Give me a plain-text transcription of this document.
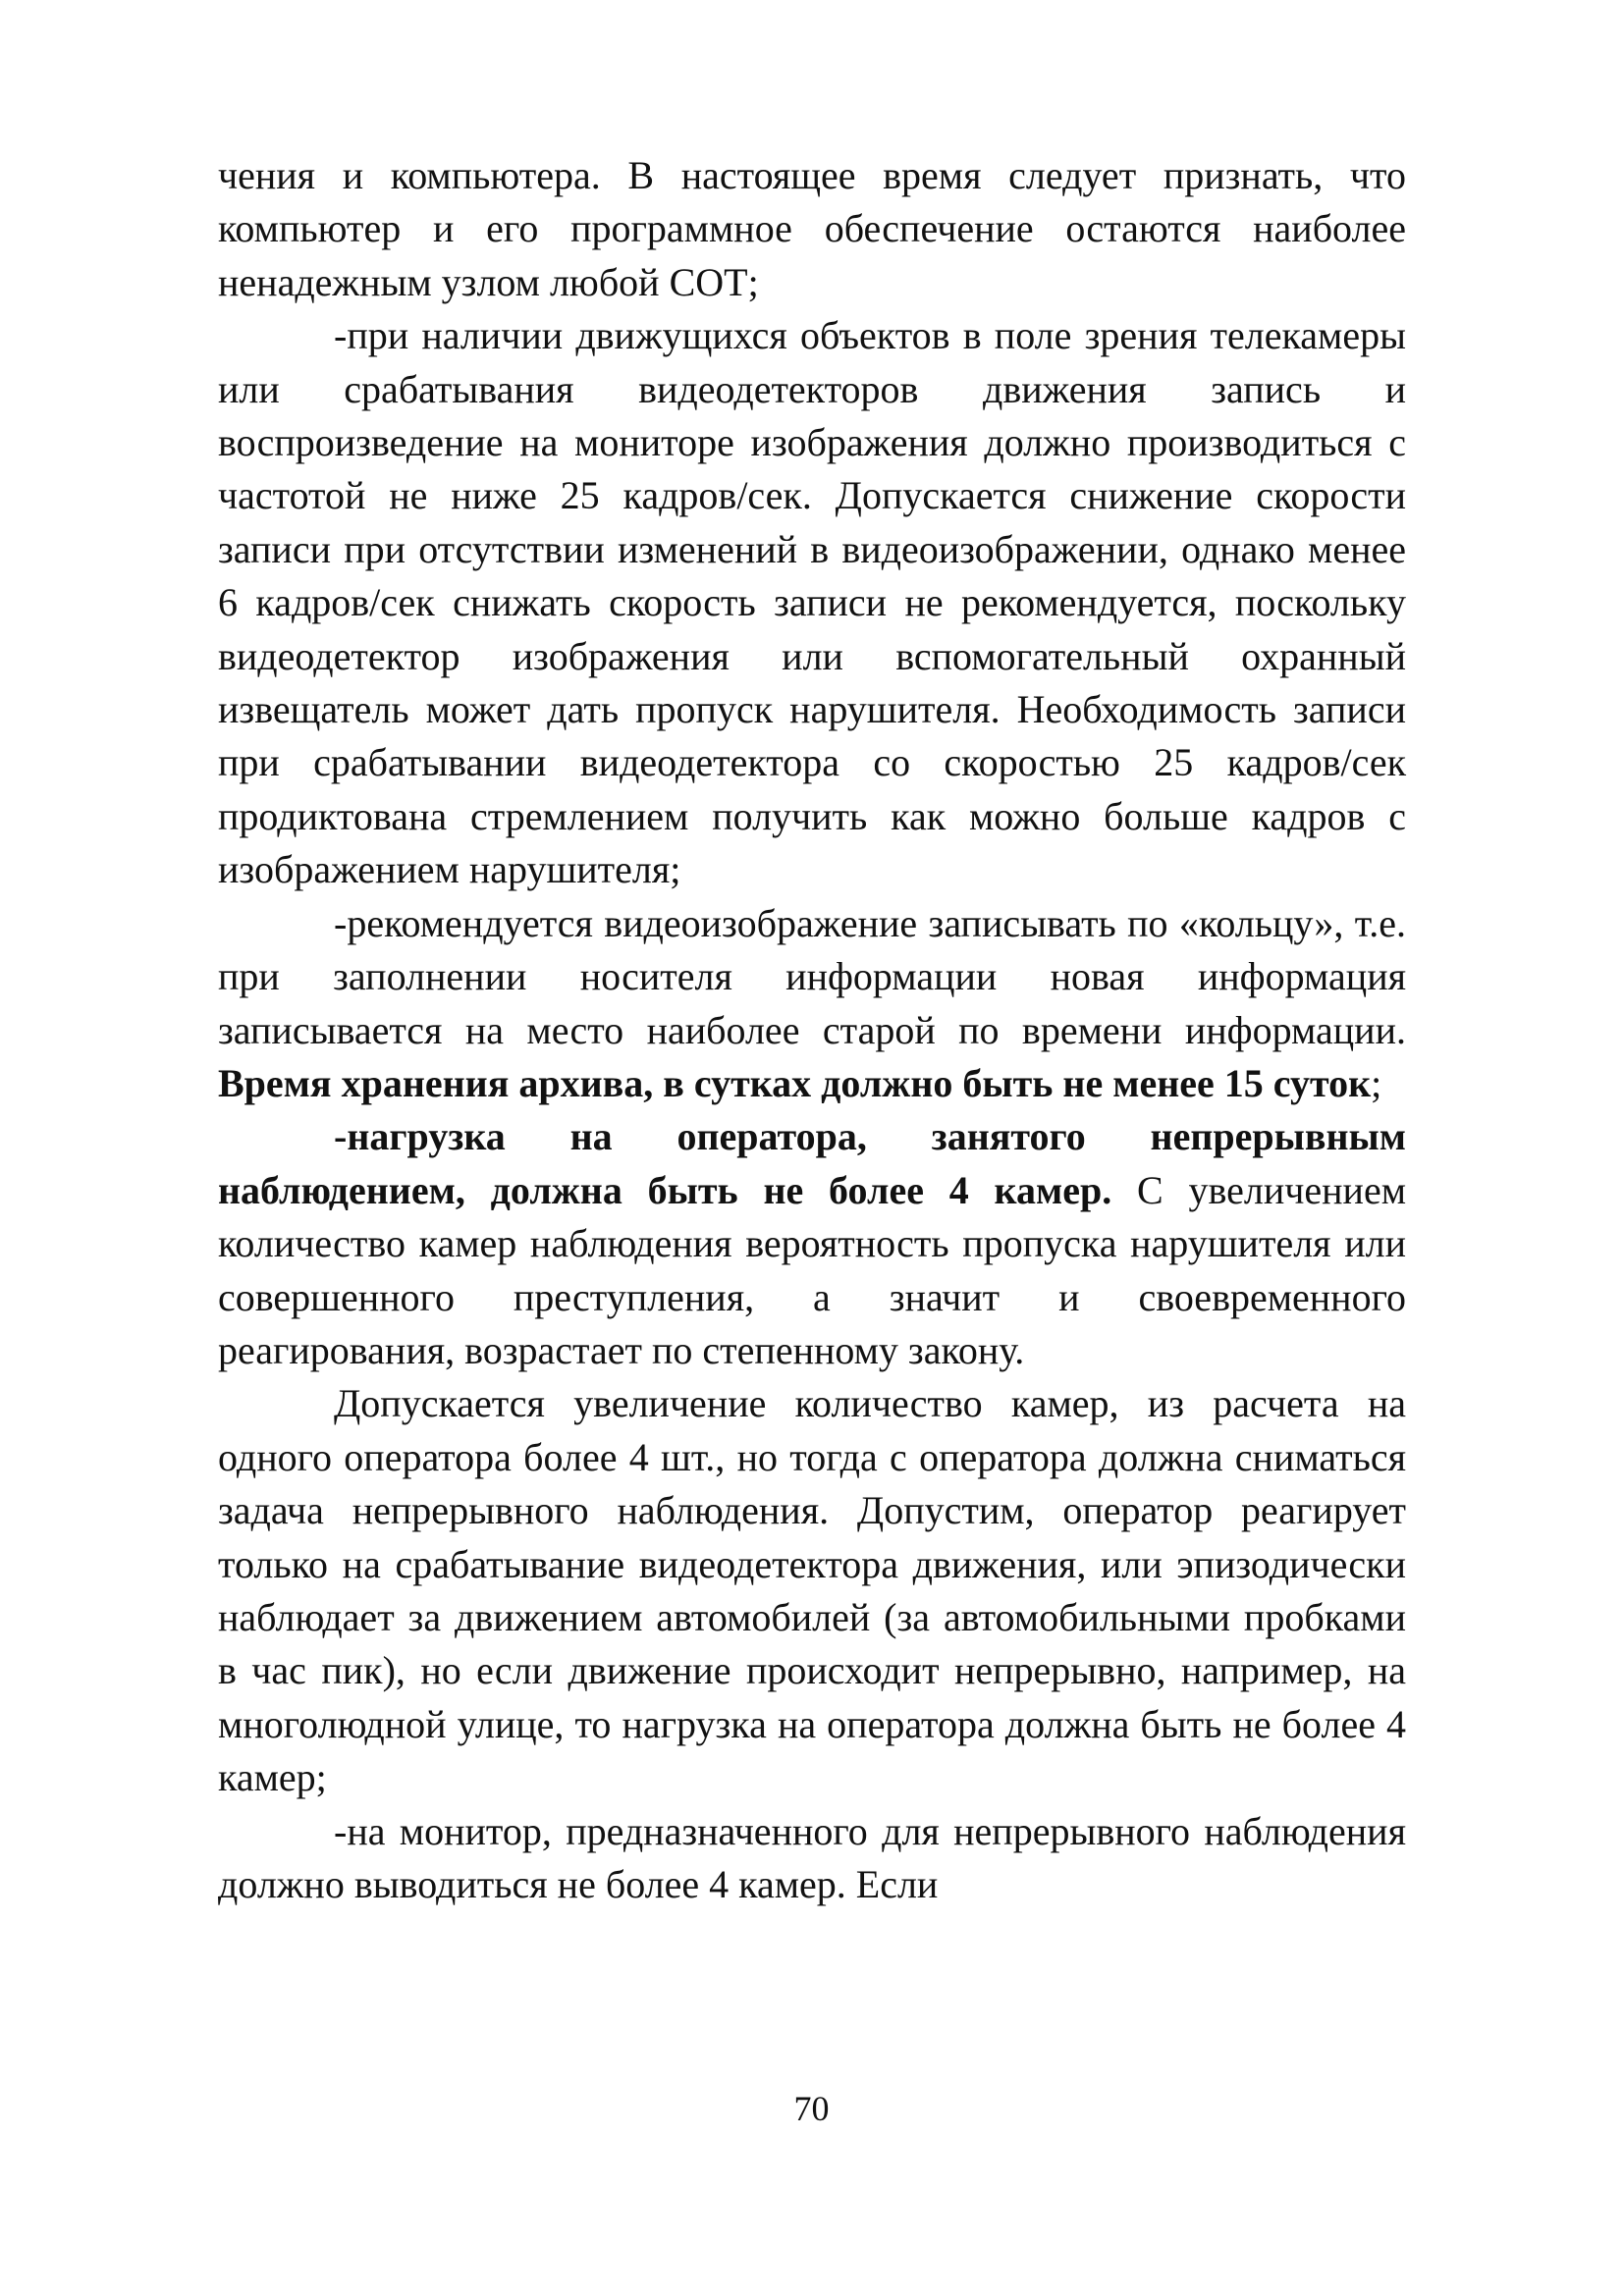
чения и компьютера. В настоящее время следует признать, что компьютер и его программное обеспечение остаются наиболее ненадежным узлом любой СОТ;

-при наличии движущихся объектов в поле зрения телекамеры или срабатывания видеодетекторов движения запись и воспроизведение на мониторе изображения должно производиться с частотой не ниже 25 кадров/сек. Допускается снижение скорости записи при отсутствии изменений в видеоизображении, однако менее 6 кадров/сек снижать скорость записи не рекомендуется, поскольку видеодетектор изображения или вспомогательный охранный извещатель может дать пропуск нарушителя. Необходимость записи при срабатывании видеодетектора со скоростью 25 кадров/сек продиктована стремлением получить как можно больше кадров с изображением нарушителя;

-рекомендуется видеоизображение записывать по «кольцу», т.е. при заполнении носителя информации новая информация записывается на место наиболее старой по времени информации. Время хранения архива, в сутках должно быть не менее 15 суток;

-нагрузка на оператора, занятого непрерывным наблюдением, должна быть не более 4 камер. С увеличением количество камер наблюдения вероятность пропуска нарушителя или совершенного преступления, а значит и своевременного реагирования, возрастает по степенному закону.

Допускается увеличение количество камер, из расчета на одного оператора более 4 шт., но тогда с оператора должна сниматься задача непрерывного наблюдения. Допустим, оператор реагирует только на срабатывание видеодетектора движения, или эпизодически наблюдает за движением автомобилей (за автомобильными пробками в час пик), но если движение происходит непрерывно, например, на многолюдной улице, то нагрузка на оператора должна быть не более 4 камер;

-на монитор, предназначенного для непрерывного наблюдения должно выводиться не более 4 камер. Если

70
